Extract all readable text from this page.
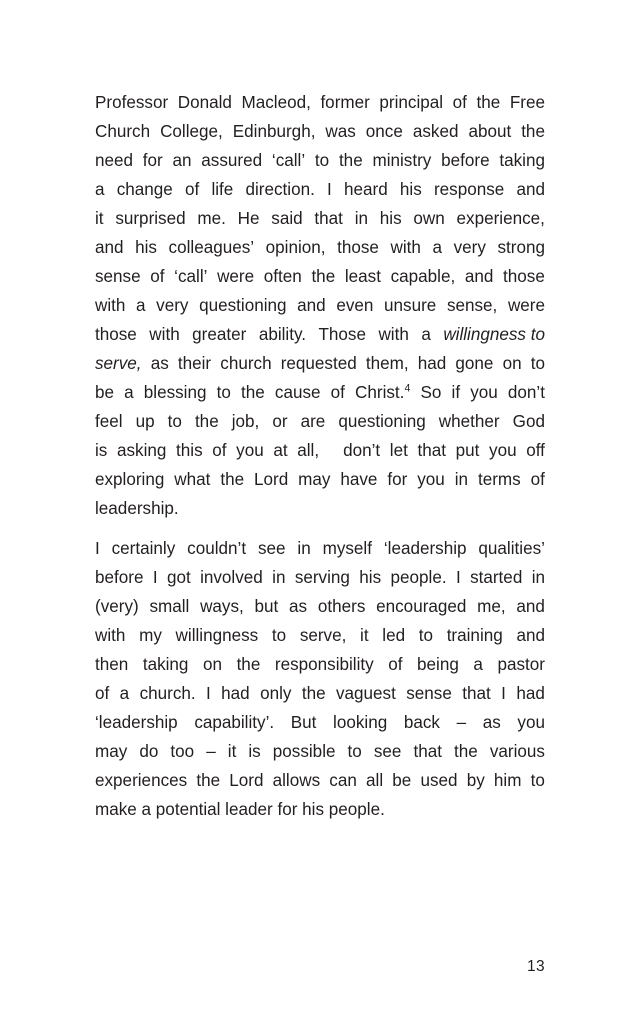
Professor Donald Macleod, former principal of the Free
Church College, Edinburgh, was once asked about the
need for an assured ‘call’ to the ministry before taking
a change of life direction. I heard his response and
it surprised me. He said that in his own experience,
and his colleagues’ opinion, those with a very strong
sense of ‘call’ were often the least capable, and those
with a very questioning and even unsure sense, were
those with greater ability. Those with a willingness to
serve, as their church requested them, had gone on to
be a blessing to the cause of Christ.$^4$ So if you don’t
feel up to the job, or are questioning whether God
is asking this of you at all,
don’t let that put you off
exploring what the Lord may have for you in terms of
leadership.

I certainly couldn’t see in myself ‘leadership qualities’
before I got involved in serving his people. I started in
(very) small ways, but as others encouraged me, and
with my willingness to serve, it led to training and
then taking on the responsibility of being a pastor
of a church. I had only the vaguest sense that I had
‘leadership capability’. But looking back – as you
may do too – it is possible to see that the various
experiences the Lord allows can all be used by him to
make a potential leader for his people.

13
